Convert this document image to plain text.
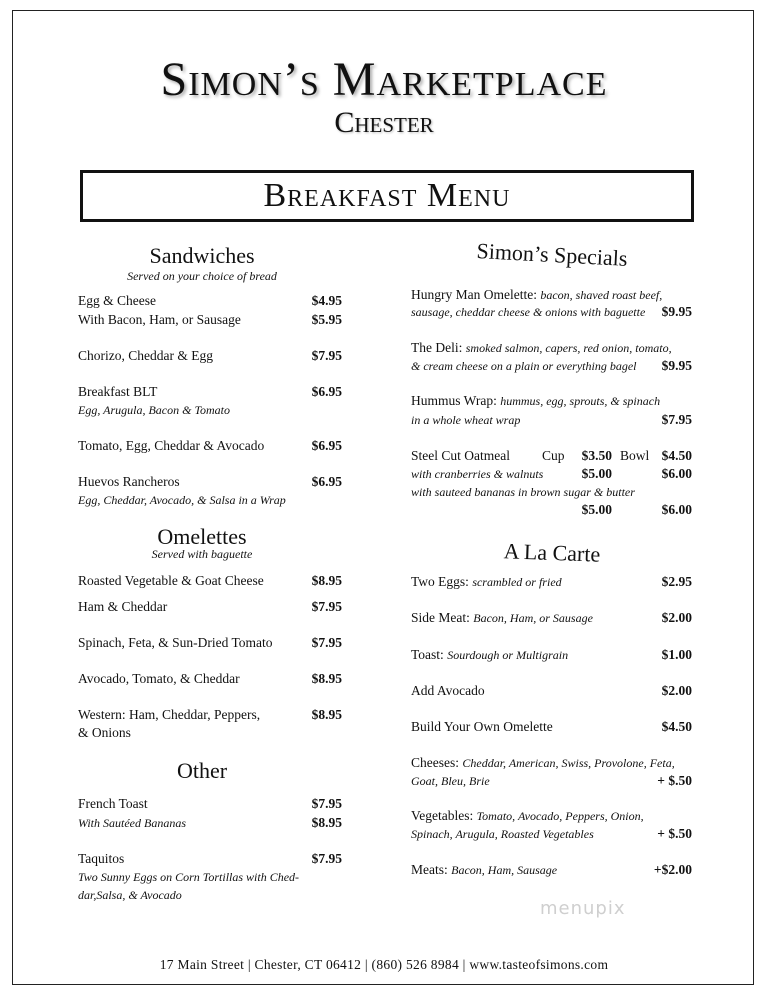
Simon’s Marketplace
Chester
Breakfast Menu
Sandwiches
Served on your choice of bread
Egg & Cheese	$4.95
With Bacon, Ham, or Sausage	$5.95
Chorizo, Cheddar & Egg	$7.95
Breakfast BLT	$6.95
Egg, Arugula, Bacon & Tomato
Tomato, Egg, Cheddar & Avocado	$6.95
Huevos Rancheros	$6.95
Egg, Cheddar, Avocado, & Salsa in a Wrap
Omelettes
Served with baguette
Roasted Vegetable & Goat Cheese	$8.95
Ham & Cheddar	$7.95
Spinach, Feta, & Sun-Dried Tomato	$7.95
Avocado, Tomato, & Cheddar	$8.95
Western: Ham, Cheddar, Peppers,	$8.95
& Onions
Other
French Toast	$7.95
With Sautéed Bananas	$8.95
Taquitos	$7.95
Two Sunny Eggs on Corn Tortillas with Ched-
dar,Salsa, & Avocado
Simon’s Specials
Hungry Man Omelette: bacon, shaved roast beef,
sausage, cheddar cheese & onions with baguette	$9.95
The Deli: smoked salmon, capers, red onion, tomato,
& cream cheese on a plain or everything bagel	$9.95
Hummus Wrap: hummus, egg, sprouts, & spinach
in a whole wheat wrap	$7.95
Steel Cut Oatmeal Cup	$3.50 Bowl $4.50
with cranberries & walnuts	$5.00	$6.00
with sauteed bananas in brown sugar & butter
$5.00	$6.00
A La Carte
Two Eggs: scrambled or fried	$2.95
Side Meat: Bacon, Ham, or Sausage	$2.00
Toast: Sourdough or Multigrain	$1.00
Add Avocado	$2.00
Build Your Own Omelette	$4.50
Cheeses: Cheddar, American, Swiss, Provolone, Feta,
Goat, Bleu, Brie	+ $.50
Vegetables: Tomato, Avocado, Peppers, Onion,
Spinach, Arugula, Roasted Vegetables	+ $.50
Meats: Bacon, Ham, Sausage	+$2.00
menupix
17 Main Street | Chester, CT 06412 | (860) 526 8984 | www.tasteofsimons.com
